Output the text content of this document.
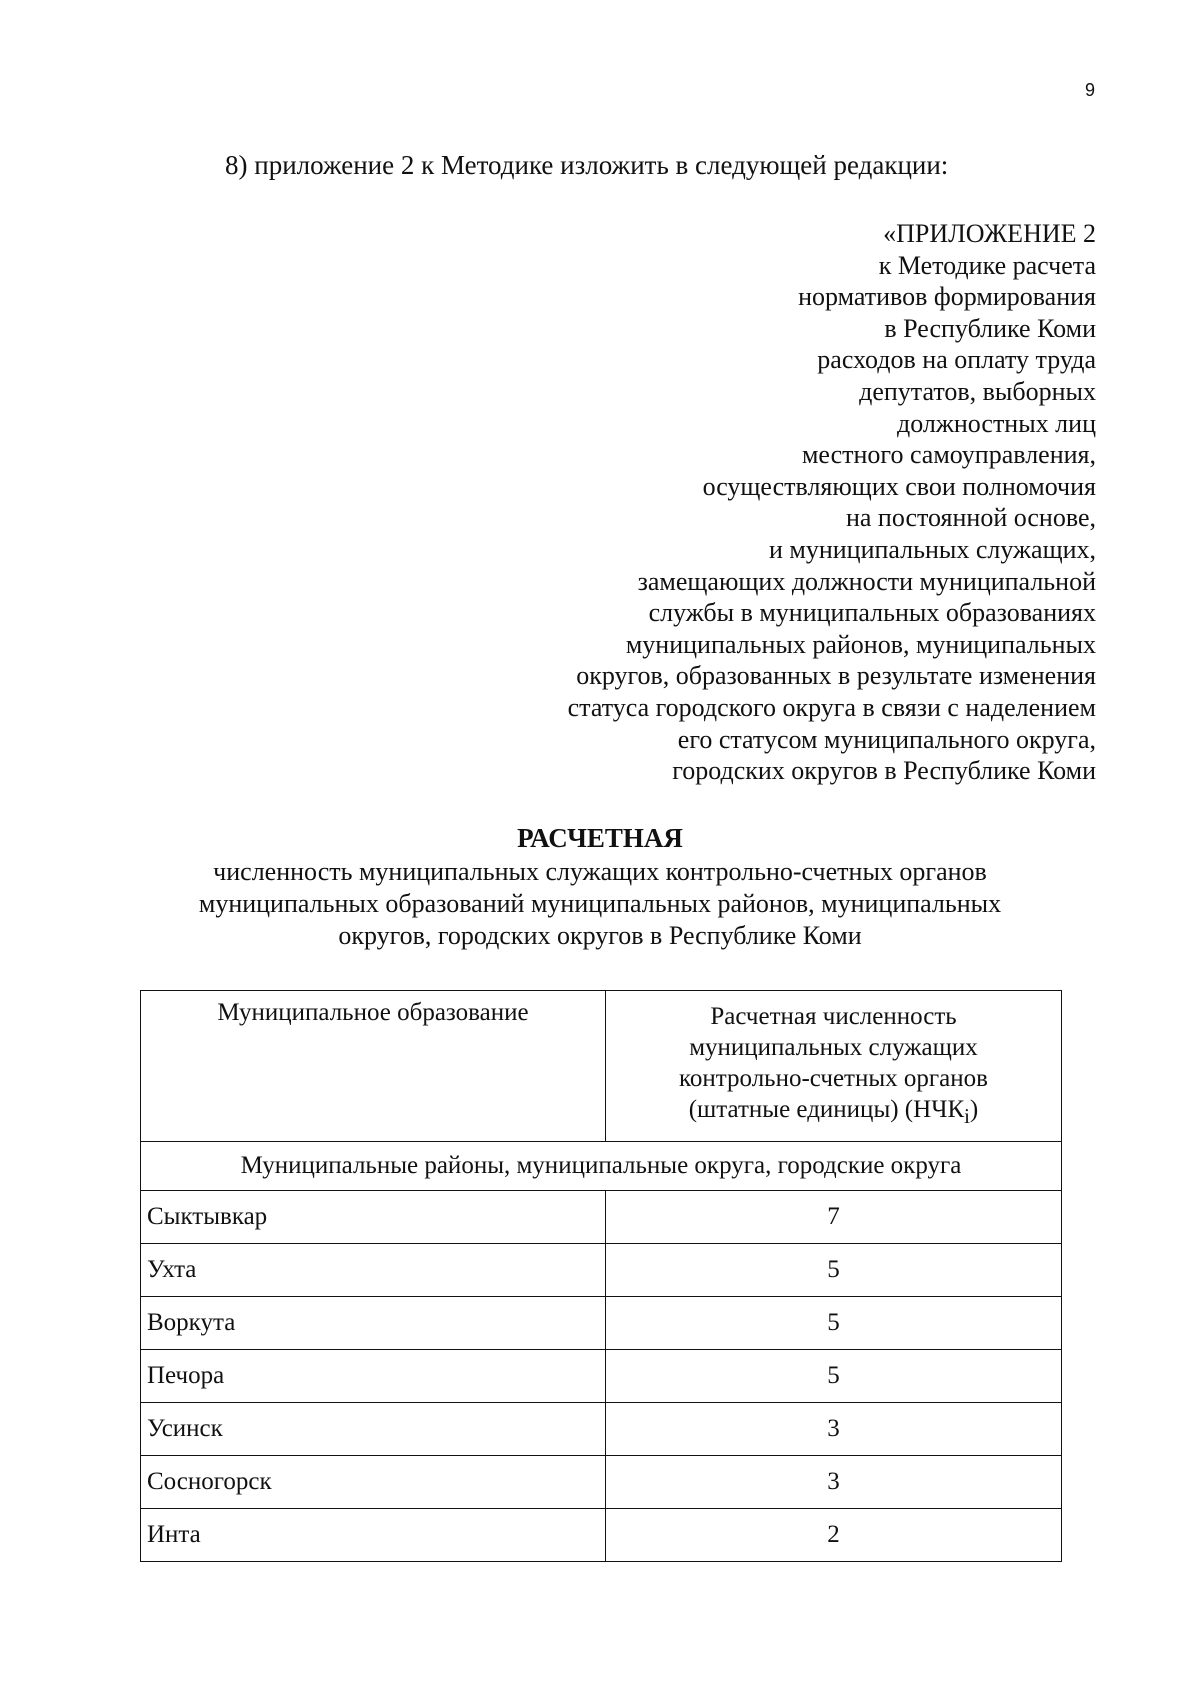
9
8) приложение 2 к Методике изложить в следующей редакции:
«ПРИЛОЖЕНИЕ 2
к Методике расчета
нормативов формирования
в Республике Коми
расходов на оплату труда
депутатов, выборных
должностных лиц
местного самоуправления,
осуществляющих свои полномочия
на постоянной основе,
и муниципальных служащих,
замещающих должности муниципальной
службы в муниципальных образованиях
муниципальных районов, муниципальных
округов, образованных в результате изменения
статуса городского округа в связи с наделением
его статусом муниципального округа,
городских округов в Республике Коми
РАСЧЕТНАЯ
численность муниципальных служащих контрольно-счетных органов
муниципальных образований муниципальных районов, муниципальных
округов, городских округов в Республике Коми
Муниципальное образование	Расчетная численность
муниципальных служащих
контрольно-счетных органов
(штатные единицы) $(НЧК_i)$
Муниципальные районы, муниципальные округа, городские округа	
Сыктывкар	7
Ухта	5
Воркута	5
Печора	5
Усинск	3
Сосногорск	3
Инта	2
